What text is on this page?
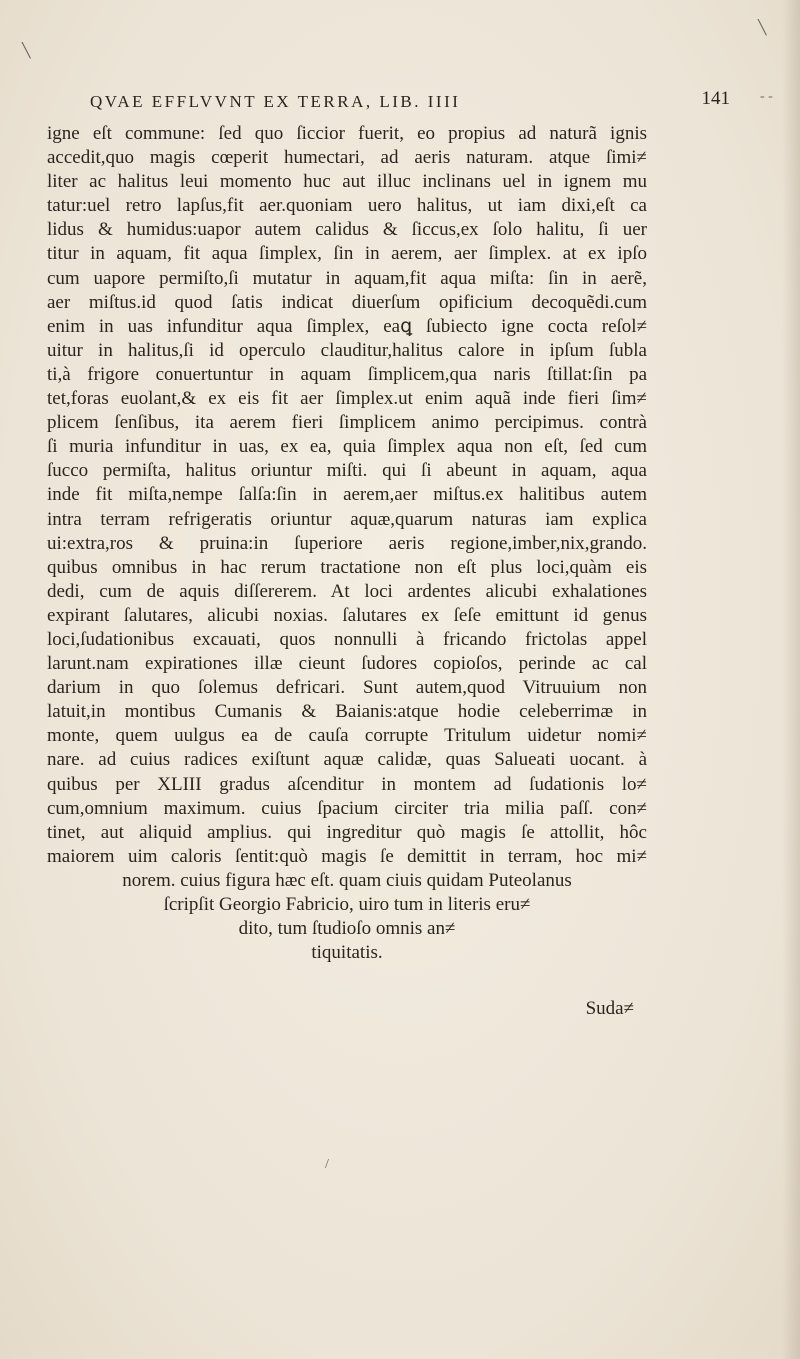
QVAE EFFLVVNT EX TERRA, LIB. IIII	141
igne eſt commune: ſed quo ſiccior fuerit, eo propius ad naturã ignis
accedit,quo magis cœperit humectari, ad aeris naturam. atque ſimi≠
liter ac halitus leui momento huc aut illuc inclinans uel in ignem mu
tatur:uel retro lapſus,fit aer.quoniam uero halitus, ut iam dixi,eſt ca
lidus & humidus:uapor autem calidus & ſiccus,ex ſolo halitu, ſi uer
titur in aquam, fit aqua ſimplex, ſin in aerem, aer ſimplex. at ex ipſo
cum uapore permiſto,ſi mutatur in aquam,fit aqua miſta: ſin in aerẽ,
aer miſtus.id quod ſatis indicat diuerſum opificium decoquẽdi.cum
enim in uas infunditur aqua ſimplex, eaꝗ ſubiecto igne cocta reſol≠
uitur in halitus,ſi id operculo clauditur,halitus calore in ipſum ſubla
ti,à frigore conuertuntur in aquam ſimplicem,qua naris ſtillat:ſin pa
tet,foras euolant,& ex eis fit aer ſimplex.ut enim aquã inde fieri ſim≠
plicem ſenſibus, ita aerem fieri ſimplicem animo percipimus. contrà
ſi muria infunditur in uas, ex ea, quia ſimplex aqua non eſt, ſed cum
ſucco permiſta, halitus oriuntur miſti. qui ſi abeunt in aquam, aqua
inde fit miſta,nempe ſalſa:ſin in aerem,aer miſtus.ex halitibus autem
intra terram refrigeratis oriuntur aquæ,quarum naturas iam explica
ui:extra,ros & pruina:in ſuperiore aeris regione,imber,nix,grando.
quibus omnibus in hac rerum tractatione non eſt plus loci,quàm eis
dedi, cum de aquis diſſererem. At loci ardentes alicubi exhalationes
expirant ſalutares, alicubi noxias. ſalutares ex ſeſe emittunt id genus
loci,ſudationibus excauati, quos nonnulli à fricando frictolas appel
larunt.nam expirationes illæ cieunt ſudores copioſos, perinde ac cal
darium in quo ſolemus defricari. Sunt autem,quod Vitruuium non
latuit,in montibus Cumanis & Baianis:atque hodie celeberrimæ in
monte, quem uulgus ea de cauſa corrupte Tritulum uidetur nomi≠
nare. ad cuius radices exiſtunt aquæ calidæ, quas Salueati uocant. à
quibus per XLIII gradus aſcenditur in montem ad ſudationis lo≠
cum,omnium maximum. cuius ſpacium circiter tria milia paſſ. con≠
tinet, aut aliquid amplius. qui ingreditur quò magis ſe attollit, hôc
maiorem uim caloris ſentit:quò magis ſe demittit in terram, hoc mi≠
norem. cuius figura hæc eſt. quam ciuis quidam Puteolanus
ſcripſit Georgio Fabricio, uiro tum in literis eru≠
dito, tum ſtudioſo omnis an≠
tiquitatis.
Suda≠
╲
╲
‑ ‑
/
